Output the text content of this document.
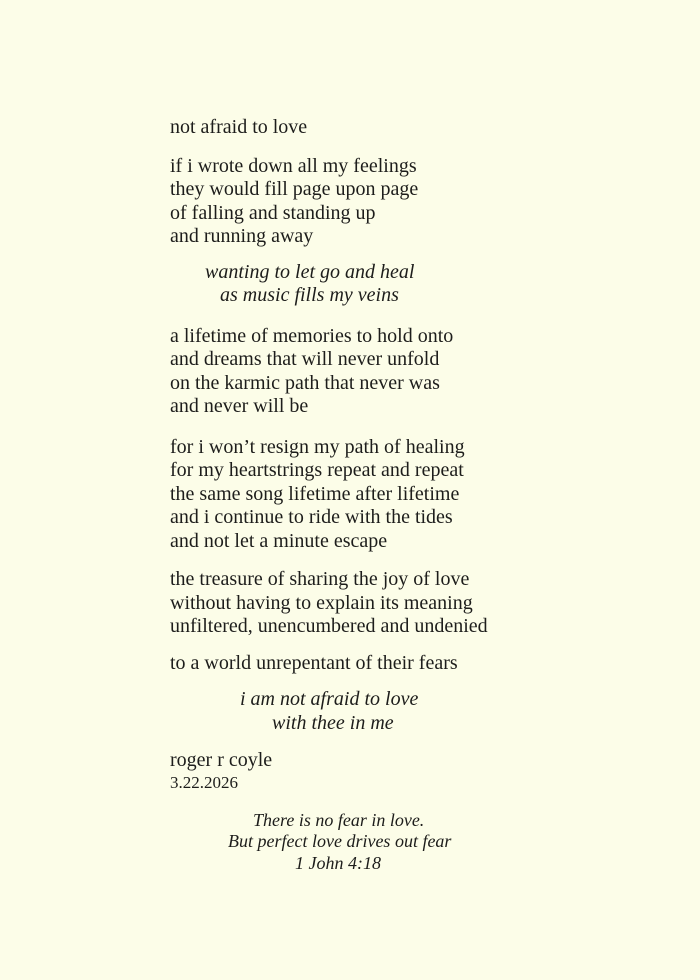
not afraid to love
if i wrote down all my feelings
they would fill page upon page
of falling and standing up
and running away
wanting to let go and heal
as music fills my veins
a lifetime of memories to hold onto
and dreams that will never unfold
on the karmic path that never was
and never will be
for i won’t resign my path of healing
for my heartstrings repeat and repeat
the same song lifetime after lifetime
and i continue to ride with the tides
and not let a minute escape
the treasure of sharing the joy of love
without having to explain its meaning
unfiltered, unencumbered and undenied
to a world unrepentant of their fears
i am not afraid to love
with thee in me
roger r coyle
3.22.2026
There is no fear in love.
But perfect love drives out fear
1 John 4:18
